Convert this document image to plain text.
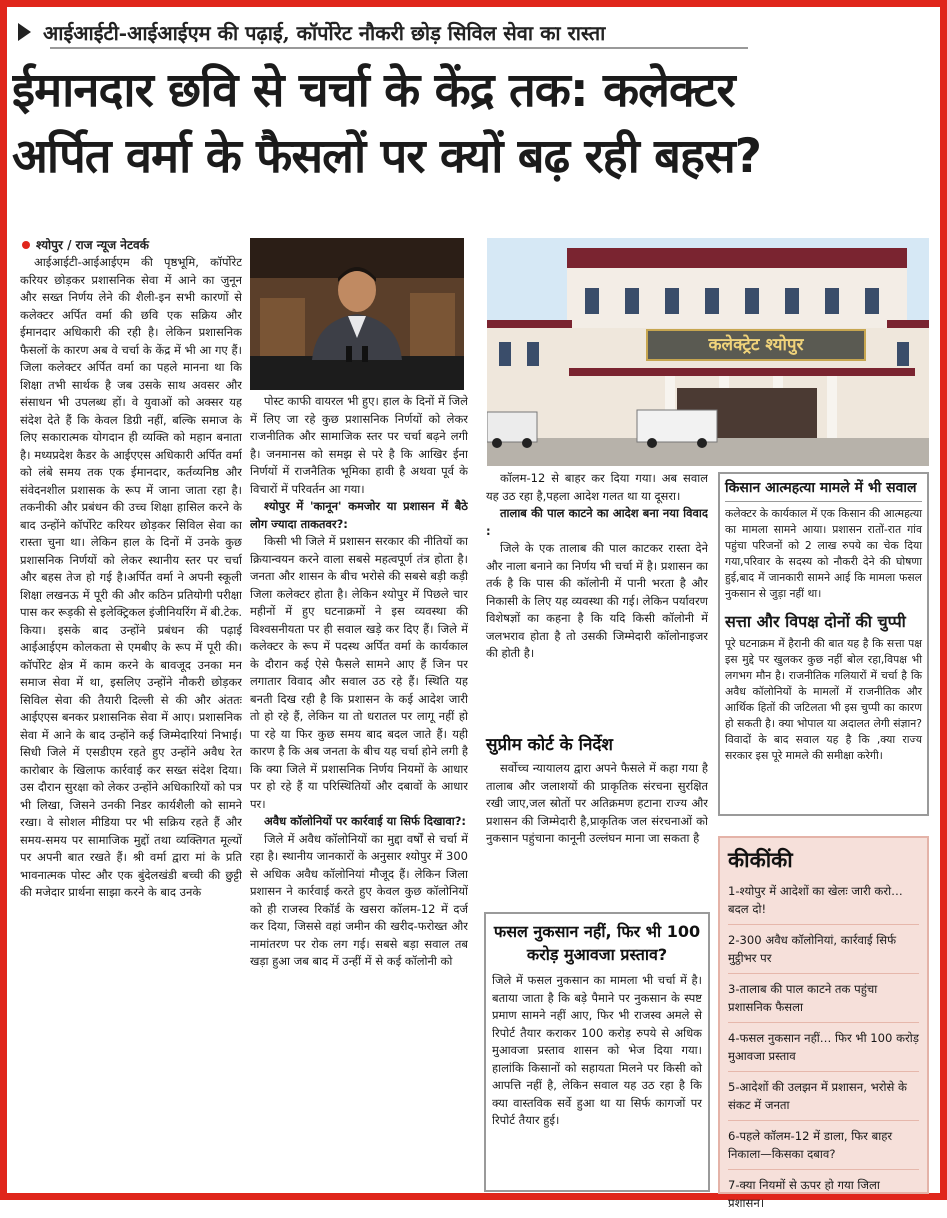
आईआईटी-आईआईएम की पढ़ाई, कॉर्पोरेट नौकरी छोड़ सिविल सेवा का रास्ता
ईमानदार छवि से चर्चा के केंद्र तक: कलेक्टर
अर्पित वर्मा के फैसलों पर क्यों बढ़ रही बहस?
श्योपुर / राज न्यूज नेटवर्क

आईआईटी-आईआईएम की पृष्ठभूमि, कॉर्पोरेट करियर छोड़कर प्रशासनिक सेवा में आने का जुनून और सख्त निर्णय लेने की शैली-इन सभी कारणों से कलेक्टर अर्पित वर्मा की छवि एक सक्रिय और ईमानदार अधिकारी की रही है। लेकिन प्रशासनिक फैसलों के कारण अब वे चर्चा के केंद्र में भी आ गए हैं। जिला कलेक्टर अर्पित वर्मा का पहले मानना था कि शिक्षा तभी सार्थक है जब उसके साथ अवसर और संसाधन भी उपलब्ध हों। वे युवाओं को अक्सर यह संदेश देते हैं कि केवल डिग्री नहीं, बल्कि समाज के लिए सकारात्मक योगदान ही व्यक्ति को महान बनाता है। मध्यप्रदेश कैडर के आईएएस अधिकारी अर्पित वर्मा को लंबे समय तक एक ईमानदार, कर्तव्यनिष्ठ और संवेदनशील प्रशासक के रूप में जाना जाता रहा है। तकनीकी और प्रबंधन की उच्च शिक्षा हासिल करने के बाद उन्होंने कॉर्पोरेट करियर छोड़कर सिविल सेवा का रास्ता चुना था। लेकिन हाल के दिनों में उनके कुछ प्रशासनिक निर्णयों को लेकर स्थानीय स्तर पर चर्चा और बहस तेज हो गई है।अर्पित वर्मा ने अपनी स्कूली शिक्षा लखनऊ में पूरी की और कठिन प्रतियोगी परीक्षा पास कर रूड़की से इलेक्ट्रिकल इंजीनियरिंग में बी.टेक. किया। इसके बाद उन्होंने प्रबंधन की पढ़ाई आईआईएम कोलकता से एमबीए के रूप में पूरी की। कॉर्पोरेट क्षेत्र में काम करने के बावजूद उनका मन समाज सेवा में था, इसलिए उन्होंने नौकरी छोड़कर सिविल सेवा की तैयारी दिल्ली से की और अंततः आईएएस बनकर प्रशासनिक सेवा में आए। प्रशासनिक सेवा में आने के बाद उन्होंने कई जिम्मेदारियां निभाई। सिधी जिले में एसडीएम रहते हुए उन्होंने अवैध रेत कारोबार के खिलाफ कार्रवाई कर सख्त संदेश दिया। उस दौरान सुरक्षा को लेकर उन्होंने अधिकारियों को पत्र भी लिखा, जिसने उनकी निडर कार्यशैली को सामने रखा। वे सोशल मीडिया पर भी सक्रिय रहते हैं और समय-समय पर सामाजिक मुद्दों तथा व्यक्तिगत मूल्यों पर अपनी बात रखते हैं। श्री वर्मा द्वारा मां के प्रति भावनात्मक पोस्ट और एक बुंदेलखंडी बच्ची की छुट्टी की मजेदार प्रार्थना साझा करने के बाद उनके

पोस्ट काफी वायरल भी हुए। हाल के दिनों में जिले में लिए जा रहे कुछ प्रशासनिक निर्णयों को लेकर राजनीतिक और सामाजिक स्तर पर चर्चा बढ़ने लगी है। जनमानस को समझ से परे है कि आखिर ईना निर्णयों में राजनैतिक भूमिका हावी है अथवा पूर्व के विचारों में परिवर्तन आ गया।

श्योपुर में 'कानून' कमजोर या प्रशासन में बैठे लोग ज्यादा ताकतवर?:

किसी भी जिले में प्रशासन सरकार की नीतियों का क्रियान्वयन करने वाला सबसे महत्वपूर्ण तंत्र होता है। जनता और शासन के बीच भरोसे की सबसे बड़ी कड़ी जिला कलेक्टर होता है। लेकिन श्योपुर में पिछले चार महीनों में हुए घटनाक्रमों ने इस व्यवस्था की विश्वसनीयता पर ही सवाल खड़े कर दिए हैं। जिले में कलेक्टर के रूप में पदस्थ अर्पित वर्मा के कार्यकाल के दौरान कई ऐसे फैसले सामने आए हैं जिन पर लगातार विवाद और सवाल उठ रहे हैं। स्थिति यह बनती दिख रही है कि प्रशासन के कई आदेश जारी तो हो रहे हैं, लेकिन या तो धरातल पर लागू नहीं हो पा रहे या फिर कुछ समय बाद बदल जाते हैं। यही कारण है कि अब जनता के बीच यह चर्चा होने लगी है कि क्या जिले में प्रशासनिक निर्णय नियमों के आधार पर हो रहे हैं या परिस्थितियों और दबावों के आधार पर।

अवैध कॉलोनियों पर कार्रवाई या सिर्फ दिखावा?:

जिले में अवैध कॉलोनियों का मुद्दा वर्षों से चर्चा में रहा है। स्थानीय जानकारों के अनुसार श्योपुर में 300 से अधिक अवैध कॉलोनियां मौजूद हैं। लेकिन जिला प्रशासन ने कार्रवाई करते हुए केवल कुछ कॉलोनियों को ही राजस्व रिकॉर्ड के खसरा कॉलम-12 में दर्ज कर दिया, जिससे वहां जमीन की खरीद-फरोख्त और नामांतरण पर रोक लग गई। सबसे बड़ा सवाल तब खड़ा हुआ जब बाद में उन्हीं में से कई कॉलोनी को

कलेक्ट्रेट श्योपुर

कॉलम-12 से बाहर कर दिया गया। अब सवाल यह उठ रहा है,पहला आदेश गलत था या दूसरा।

तालाब की पाल काटने का आदेश बना नया विवाद :

जिले के एक तालाब की पाल काटकर रास्ता देने और नाला बनाने का निर्णय भी चर्चा में है। प्रशासन का तर्क है कि पास की कॉलोनी में पानी भरता है और निकासी के लिए यह व्यवस्था की गई। लेकिन पर्यावरण विशेषज्ञों का कहना है कि यदि किसी कॉलोनी में जलभराव होता है तो उसकी जिम्मेदारी कॉलोनाइजर की होती है।

सुप्रीम कोर्ट के निर्देश

सर्वोच्च न्यायालय द्वारा अपने फैसले में कहा गया है तालाब और जलाशयों की प्राकृतिक संरचना सुरक्षित रखी जाए,जल स्रोतों पर अतिक्रमण हटाना राज्य और प्रशासन की जिम्मेदारी है,प्राकृतिक जल संरचनाओं को नुकसान पहुंचाना कानूनी उल्लंघन माना जा सकता है

फसल नुकसान नहीं, फिर भी 100 करोड़ मुआवजा प्रस्ताव?
जिले में फसल नुकसान का मामला भी चर्चा में है। बताया जाता है कि बड़े पैमाने पर नुकसान के स्पष्ट प्रमाण सामने नहीं आए, फिर भी राजस्व अमले से रिपोर्ट तैयार कराकर 100 करोड़ रुपये से अधिक मुआवजा प्रस्ताव शासन को भेज दिया गया। हालांकि किसानों को सहायता मिलने पर किसी को आपत्ति नहीं है, लेकिन सवाल यह उठ रहा है कि क्या वास्तविक सर्वे हुआ था या सिर्फ कागजों पर रिपोर्ट तैयार हुई।
किसान आत्महत्या मामले में भी सवाल
कलेक्टर के कार्यकाल में एक किसान की आत्महत्या का मामला सामने आया। प्रशासन रातों-रात गांव पहुंचा परिजनों को 2 लाख रुपये का चेक दिया गया,परिवार के सदस्य को नौकरी देने की घोषणा हुई,बाद में जानकारी सामने आई कि मामला फसल नुकसान से जुड़ा नहीं था।
सत्ता और विपक्ष दोनों की चुप्पी
पूरे घटनाक्रम में हैरानी की बात यह है कि सत्ता पक्ष इस मुद्दे पर खुलकर कुछ नहीं बोल रहा,विपक्ष भी लगभग मौन है। राजनीतिक गलियारों में चर्चा है कि अवैध कॉलोनियों के मामलों में राजनीतिक और आर्थिक हितों की जटिलता भी इस चुप्पी का कारण हो सकती है। क्या भोपाल या अदालत लेगी संज्ञान? विवादों के बाद सवाल यह है कि ,क्या राज्य सरकार इस पूरे मामले की समीक्षा करेगी।
कीकींकी
1-श्योपुर में आदेशों का खेलः जारी करो… बदल दो!
2-300 अवैध कॉलोनियां, कार्रवाई सिर्फ मुट्ठीभर पर
3-तालाब की पाल काटने तक पहुंचा प्रशासनिक फैसला
4-फसल नुकसान नहीं… फिर भी 100 करोड़ मुआवजा प्रस्ताव
5-आदेशों की उलझन में प्रशासन, भरोसे के संकट में जनता
6-पहले कॉलम-12 में डाला, फिर बाहर निकाला—किसका दबाव?
7-क्या नियमों से ऊपर हो गया जिला प्रशासन।
